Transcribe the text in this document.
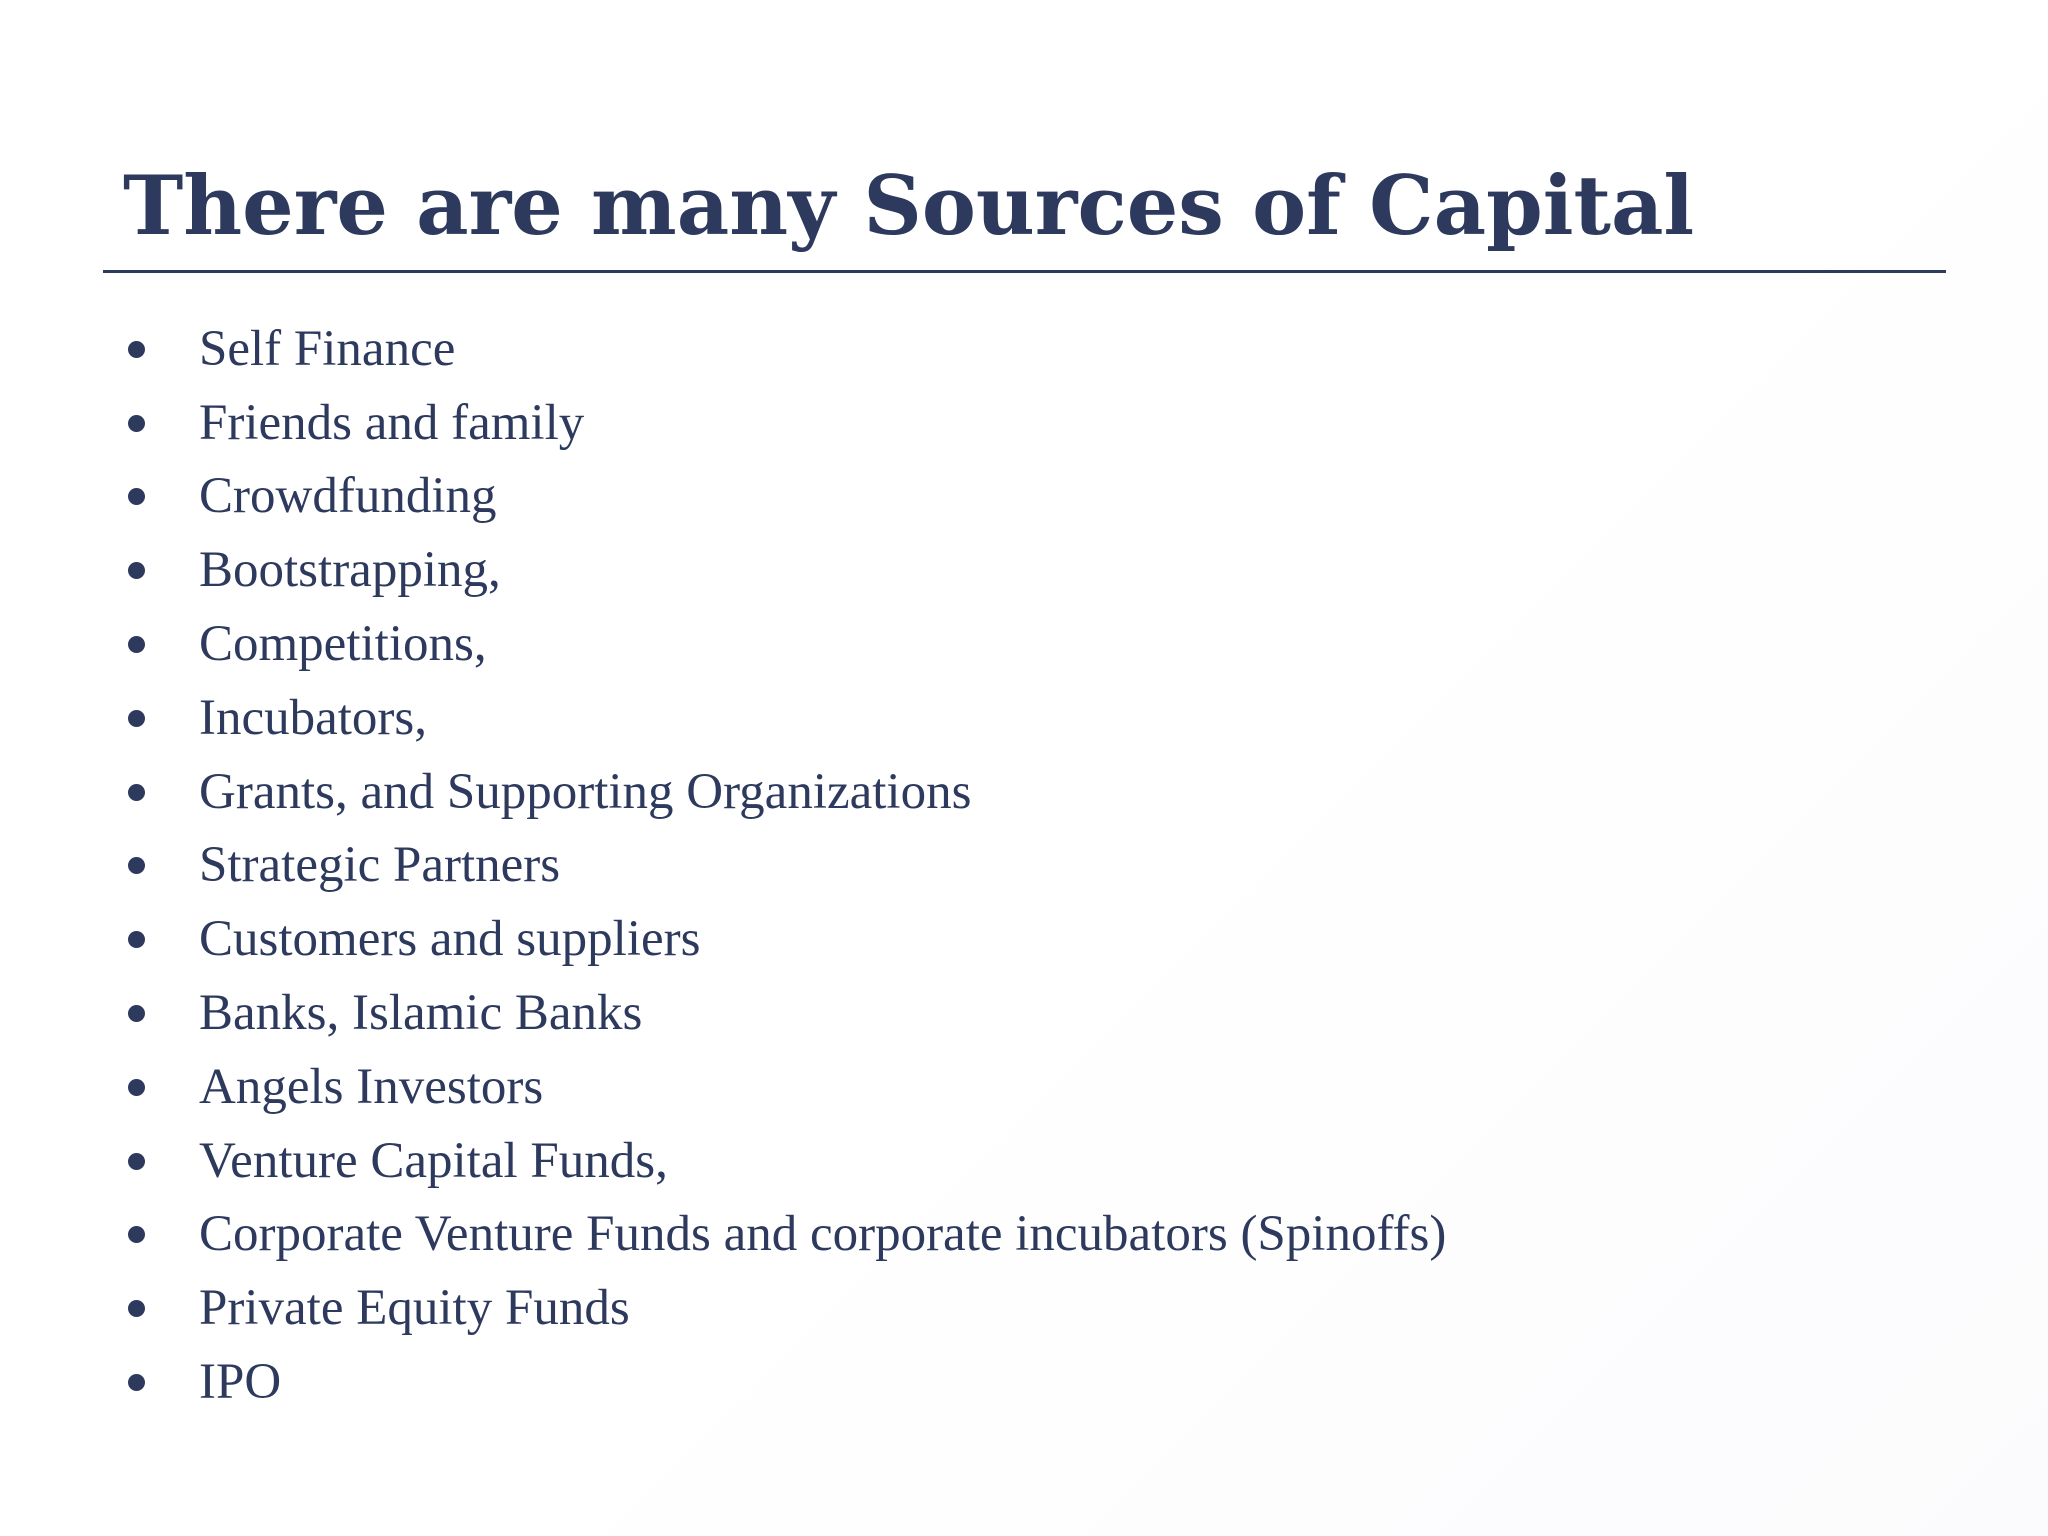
There are many Sources of Capital
Self Finance
Friends and family
Crowdfunding
Bootstrapping,
Competitions,
Incubators,
Grants, and Supporting Organizations
Strategic Partners
Customers and suppliers
Banks, Islamic Banks
Angels Investors
Venture Capital Funds,
Corporate Venture Funds and corporate incubators (Spinoffs)
Private Equity Funds
IPO
